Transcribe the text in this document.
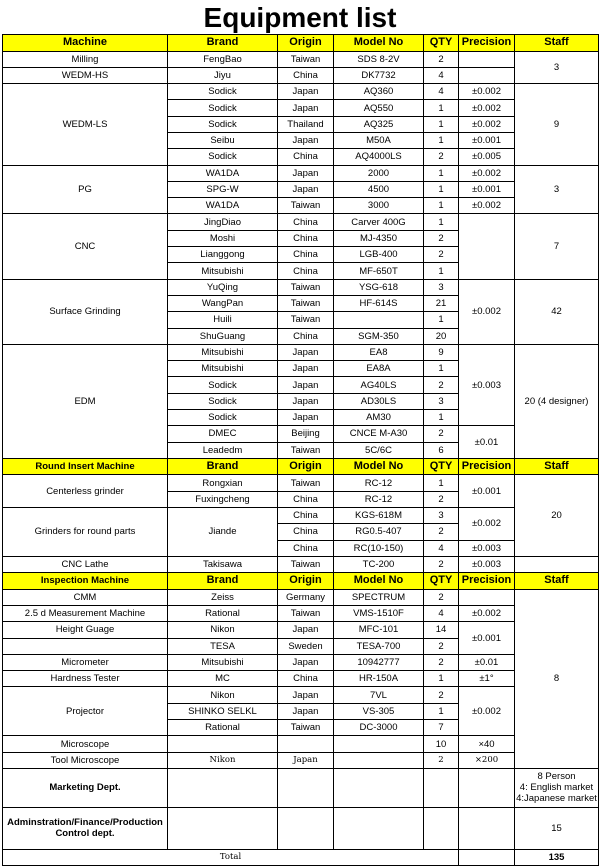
Equipment list
Machine	Brand	Origin	Model No	QTY	Precision	Staff
Milling	FengBao	Taiwan	SDS 8-2V	2		3
WEDM-HS	Jiyu	China	DK7732	4		
WEDM-LS	Sodick	Japan	AQ360	4	±0.002	9
	Sodick	Japan	AQ550	1	±0.002	
	Sodick	Thailand	AQ325	1	±0.002	
	Seibu	Japan	M50A	1	±0.001	
	Sodick	China	AQ4000LS	2	±0.005	
PG	WA1DA	Japan	2000	1	±0.002	3
	SPG-W	Japan	4500	1	±0.001	
	WA1DA	Taiwan	3000	1	±0.002	
CNC	JingDiao	China	Carver 400G	1		7
	Moshi	China	MJ-4350	2		
	Lianggong	China	LGB-400	2		
	Mitsubishi	China	MF-650T	1		
Surface Grinding	YuQing	Taiwan	YSG-618	3	±0.002	42
	WangPan	Taiwan	HF-614S	21		
	Huili	Taiwan		1		
	ShuGuang	China	SGM-350	20		
EDM	Mitsubishi	Japan	EA8	9	±0.003	20 (4 designer)
	Mitsubishi	Japan	EA8A	1		
	Sodick	Japan	AG40LS	2		
	Sodick	Japan	AD30LS	3		
	Sodick	Japan	AM30	1		
	DMEC	Beijing	CNCE M-A30	2	±0.01	
	Leadedm	Taiwan	5C/6C	6		
Round Insert Machine	Brand	Origin	Model No	QTY	Precision	Staff
Centerless grinder	Rongxian	Taiwan	RC-12	1	±0.001	20
	Fuxingcheng	China	RC-12	2		
Grinders for round parts	Jiande	China	KGS-618M	3	±0.002	
		China	RG0.5-407	2		
		China	RC(10-150)	4	±0.003	
CNC Lathe	Takisawa	Taiwan	TC-200	2	±0.003	
Inspection Machine	Brand	Origin	Model No	QTY	Precision	Staff
CMM	Zeiss	Germany	SPECTRUM	2		8
2.5 d Measurement Machine	Rational	Taiwan	VMS-1510F	4	±0.002	
Height Guage	Nikon	Japan	MFC-101	14	±0.001	
	TESA	Sweden	TESA-700	2		
Micrometer	Mitsubishi	Japan	10942777	2	±0.01	
Hardness Tester	MC	China	HR-150A	1	±1°	
Projector	Nikon	Japan	7VL	2	±0.002	
	SHINKO SELKL	Japan	VS-305	1		
	Rational	Taiwan	DC-3000	7		
Microscope				10	×40	
Tool Microscope	Nikon	Japan		2	×200	
Marketing Dept.						8 Person
4: English market
4:Japanese market

Adminstration/Finance/Production Control dept.						15
Total						135
